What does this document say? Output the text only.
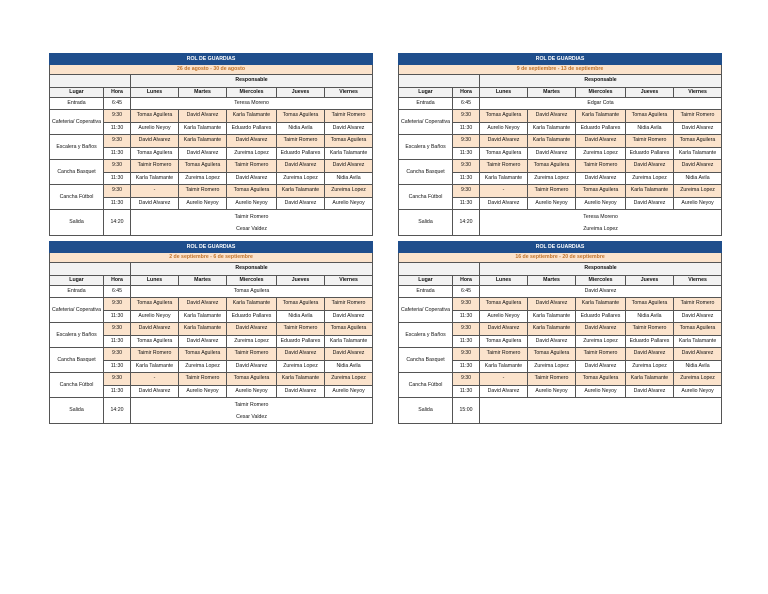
ROL DE GUARDIAS						
26 de agosto - 30 de agosto						
		Responsable				
Lugar	Hora	Lunes	Martes	Miercoles	Jueves	Viernes
Entrada	6:45	Teresa Moreno				
Cafeteria/ Coperativa	9:30	Tomas Aguilera	David Alvarez	Karla Talamante	Tomas Aguilera	Taimir Romero
	11:30	Aurelio Neyoy	Karla Talamante	Eduardo Pallares	Nidia Avila	David Alvarez
Escalera y Baños	9:30	David Alvarez	Karla Talamante	David Alvarez	Taimir Romero	Tomas Aguilera
	11:30	Tomas Aguilera	David Alvarez	Zureima Lopez	Eduardo Pallares	Karla Talamante
Cancha Basquet	9:30	Taimir Romero	Tomas Aguilera	Taimir Romero	David Alvarez	David Alvarez
	11:30	Karla Talamante	Zureima Lopez	David Alvarez	Zureima Lopez	Nidia Avila
Cancha Fútbol	9:30	-	Taimir Romero	Tomas Aguilera	Karla Talamante	Zureima Lopez
	11:30	David Alvarez	Aurelio Neyoy	Aurelio Neyoy	David Alvarez	Aurelio Neyoy
Salida	14:20	Taimir Romero
Cesar Valdez				
ROL DE GUARDIAS						
9 de septiembre - 13 de septiembre						
		Responsable				
Lugar	Hora	Lunes	Martes	Miercoles	Jueves	Viernes
Entrada	6:45	Edgar Cota				
Cafeteria/ Coperativa	9:30	Tomas Aguilera	David Alvarez	Karla Talamante	Tomas Aguilera	Taimir Romero
	11:30	Aurelio Neyoy	Karla Talamante	Eduardo Pallares	Nidia Avila	David Alvarez
Escalera y Baños	9:30	David Alvarez	Karla Talamante	David Alvarez	Taimir Romero	Tomas Aguilera
	11:30	Tomas Aguilera	David Alvarez	Zureima Lopez	Eduardo Pallares	Karla Talamante
Cancha Basquet	9:30	Taimir Romero	Tomas Aguilera	Taimir Romero	David Alvarez	David Alvarez
	11:30	Karla Talamante	Zureima Lopez	David Alvarez	Zureima Lopez	Nidia Avila
Cancha Fútbol	9:30	-	Taimir Romero	Tomas Aguilera	Karla Talamante	Zureima Lopez
	11:30	David Alvarez	Aurelio Neyoy	Aurelio Neyoy	David Alvarez	Aurelio Neyoy
Salida	14:20	Teresa Moreno
Zureima Lopez				
ROL DE GUARDIAS						
2 de septiembre - 6 de septiembre						
		Responsable				
Lugar	Hora	Lunes	Martes	Miercoles	Jueves	Viernes
Entrada	6:45	Tomas Aguilera				
Cafeteria/ Coperativa	9:30	Tomas Aguilera	David Alvarez	Karla Talamante	Tomas Aguilera	Taimir Romero
	11:30	Aurelio Neyoy	Karla Talamante	Eduardo Pallares	Nidia Avila	David Alvarez
Escalera y Baños	9:30	David Alvarez	Karla Talamante	David Alvarez	Taimir Romero	Tomas Aguilera
	11:30	Tomas Aguilera	David Alvarez	Zureima Lopez	Eduardo Pallares	Karla Talamante
Cancha Basquet	9:30	Taimir Romero	Tomas Aguilera	Taimir Romero	David Alvarez	David Alvarez
	11:30	Karla Talamante	Zureima Lopez	David Alvarez	Zureima Lopez	Nidia Avila
Cancha Fútbol	9:30	-	Taimir Romero	Tomas Aguilera	Karla Talamante	Zureima Lopez
	11:30	David Alvarez	Aurelio Neyoy	Aurelio Neyoy	David Alvarez	Aurelio Neyoy
Salida	14:20	Taimir Romero
Cesar Valdez				
ROL DE GUARDIAS						
16 de septiembre - 20 de septiembre						
		Responsable				
Lugar	Hora	Lunes	Martes	Miercoles	Jueves	Viernes
Entrada	6:45	David Alvarez				
Cafeteria/ Coperativa	9:30	Tomas Aguilera	David Alvarez	Karla Talamante	Tomas Aguilera	Taimir Romero
	11:30	Aurelio Neyoy	Karla Talamante	Eduardo Pallares	Nidia Avila	David Alvarez
Escalera y Baños	9:30	David Alvarez	Karla Talamante	David Alvarez	Taimir Romero	Tomas Aguilera
	11:30	Tomas Aguilera	David Alvarez	Zureima Lopez	Eduardo Pallares	Karla Talamante
Cancha Basquet	9:30	Taimir Romero	Tomas Aguilera	Taimir Romero	David Alvarez	David Alvarez
	11:30	Karla Talamante	Zureima Lopez	David Alvarez	Zureima Lopez	Nidia Avila
Cancha Fútbol	9:30	-	Taimir Romero	Tomas Aguilera	Karla Talamante	Zureima Lopez
	11:30	David Alvarez	Aurelio Neyoy	Aurelio Neyoy	David Alvarez	Aurelio Neyoy
Salida	15:00					
